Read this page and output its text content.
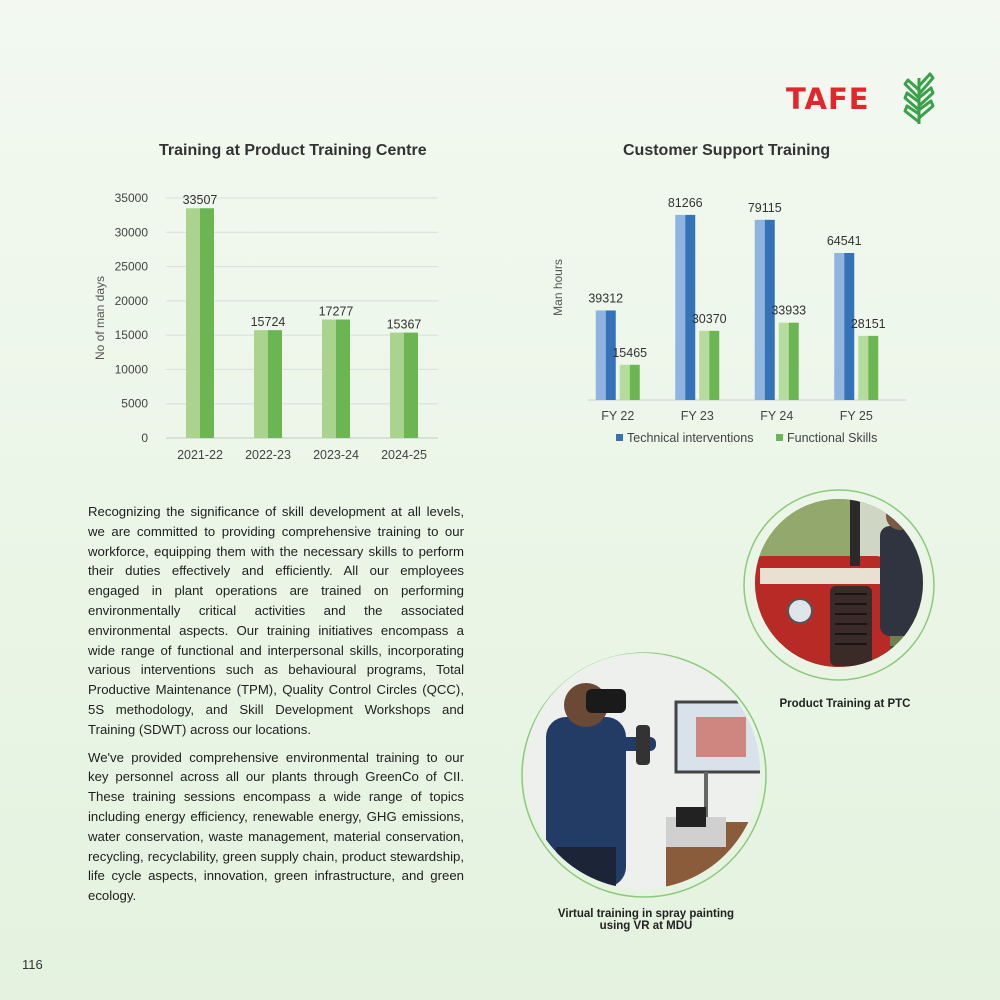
TAFE
Training at Product Training Centre
0
5000
10000
15000
20000
25000
30000
35000
No of man days
33507
2021-22
15724
2022-23
17277
2023-24
15367
2024-25
Customer Support Training
Man hours 39312
15465
FY 22
81266
30370
FY 23
79115
33933
FY 24
64541
28151
FY 25
Technical interventions	Functional Skills

Recognizing the significance of skill development at all levels, we are committed to providing comprehensive training to our workforce, equipping them with the necessary skills to perform their duties effectively and efficiently. All our employees engaged in plant operations are trained on performing environmentally critical activities and the associated environmental aspects. Our training initiatives encompass a wide range of functional and interpersonal skills, incorporating various interventions such as behavioural programs, Total Productive Maintenance (TPM), Quality Control Circles (QCC), 5S methodology, and Skill Development Workshops and Training (SDWT) across our locations.

We've provided comprehensive environmental training to our key personnel across all our plants through GreenCo of CII. These training sessions encompass a wide range of topics including energy efficiency, renewable energy, GHG emissions, water conservation, waste management, material conservation, recycling, recyclability, green supply chain, product stewardship, life cycle aspects, innovation, green infrastructure, and green ecology.

Product Training at PTC
Virtual training in spray painting
using VR at MDU
116
